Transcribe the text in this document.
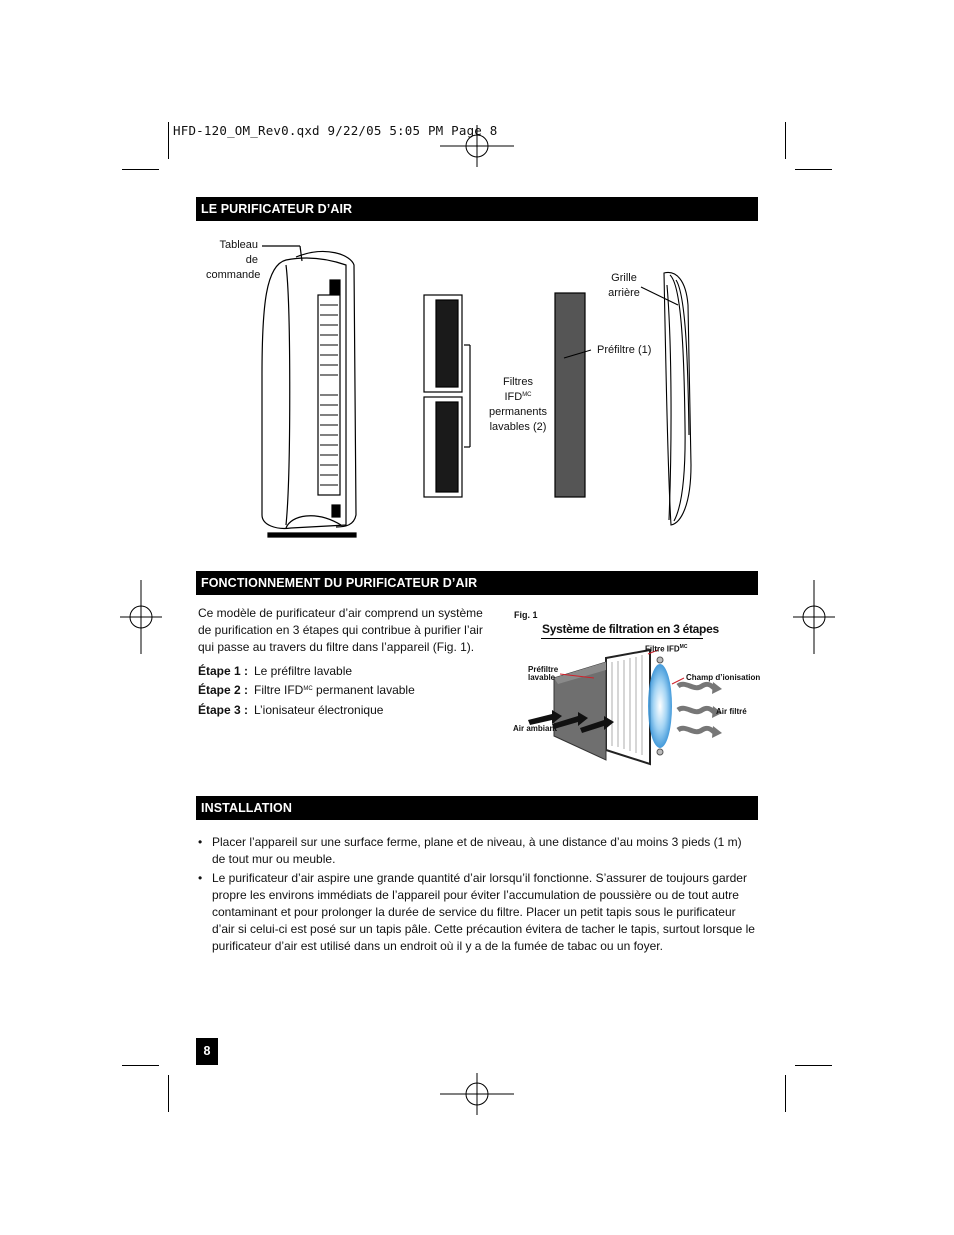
HFD-120_OM_Rev0.qxd 9/22/05 5:05 PM Page 8
LE PURIFICATEUR D’AIR
Tableau de commande
Filtres $IFD^{MC}$ permanents lavables (2)
Grille arrière
Préfiltre (1)
FONCTIONNEMENT DU PURIFICATEUR D’AIR
Ce modèle de purificateur d’air comprend un système de purification en 3 étapes qui contribue à purifier l’air qui passe au travers du filtre dans l’appareil (Fig. 1).
Étape 1 : Le préfiltre lavable
Étape 2 : Filtre $IFD^{MC}$ permanent lavable
Étape 3 : L’ionisateur électronique
Fig. 1
Système de filtration en 3 étapes
Préfiltre lavable
Filtre $IFD^{MC}$
Champ d’ionisation
Air ambiant
Air filtré
INSTALLATION
• Placer l’appareil sur une surface ferme, plane et de niveau, à une distance d’au moins 3 pieds (1 m) de tout mur ou meuble.
• Le purificateur d’air aspire une grande quantité d’air lorsqu’il fonctionne. S’assurer de toujours garder propre les environs immédiats de l’appareil pour éviter l’accumulation de poussière ou de tout autre contaminant et pour prolonger la durée de service du filtre. Placer un petit tapis sous le purificateur d’air si celui-ci est posé sur un tapis pâle. Cette précaution évitera de tacher le tapis, surtout lorsque le purificateur d’air est utilisé dans un endroit où il y a de la fumée de tabac ou un foyer.
8
